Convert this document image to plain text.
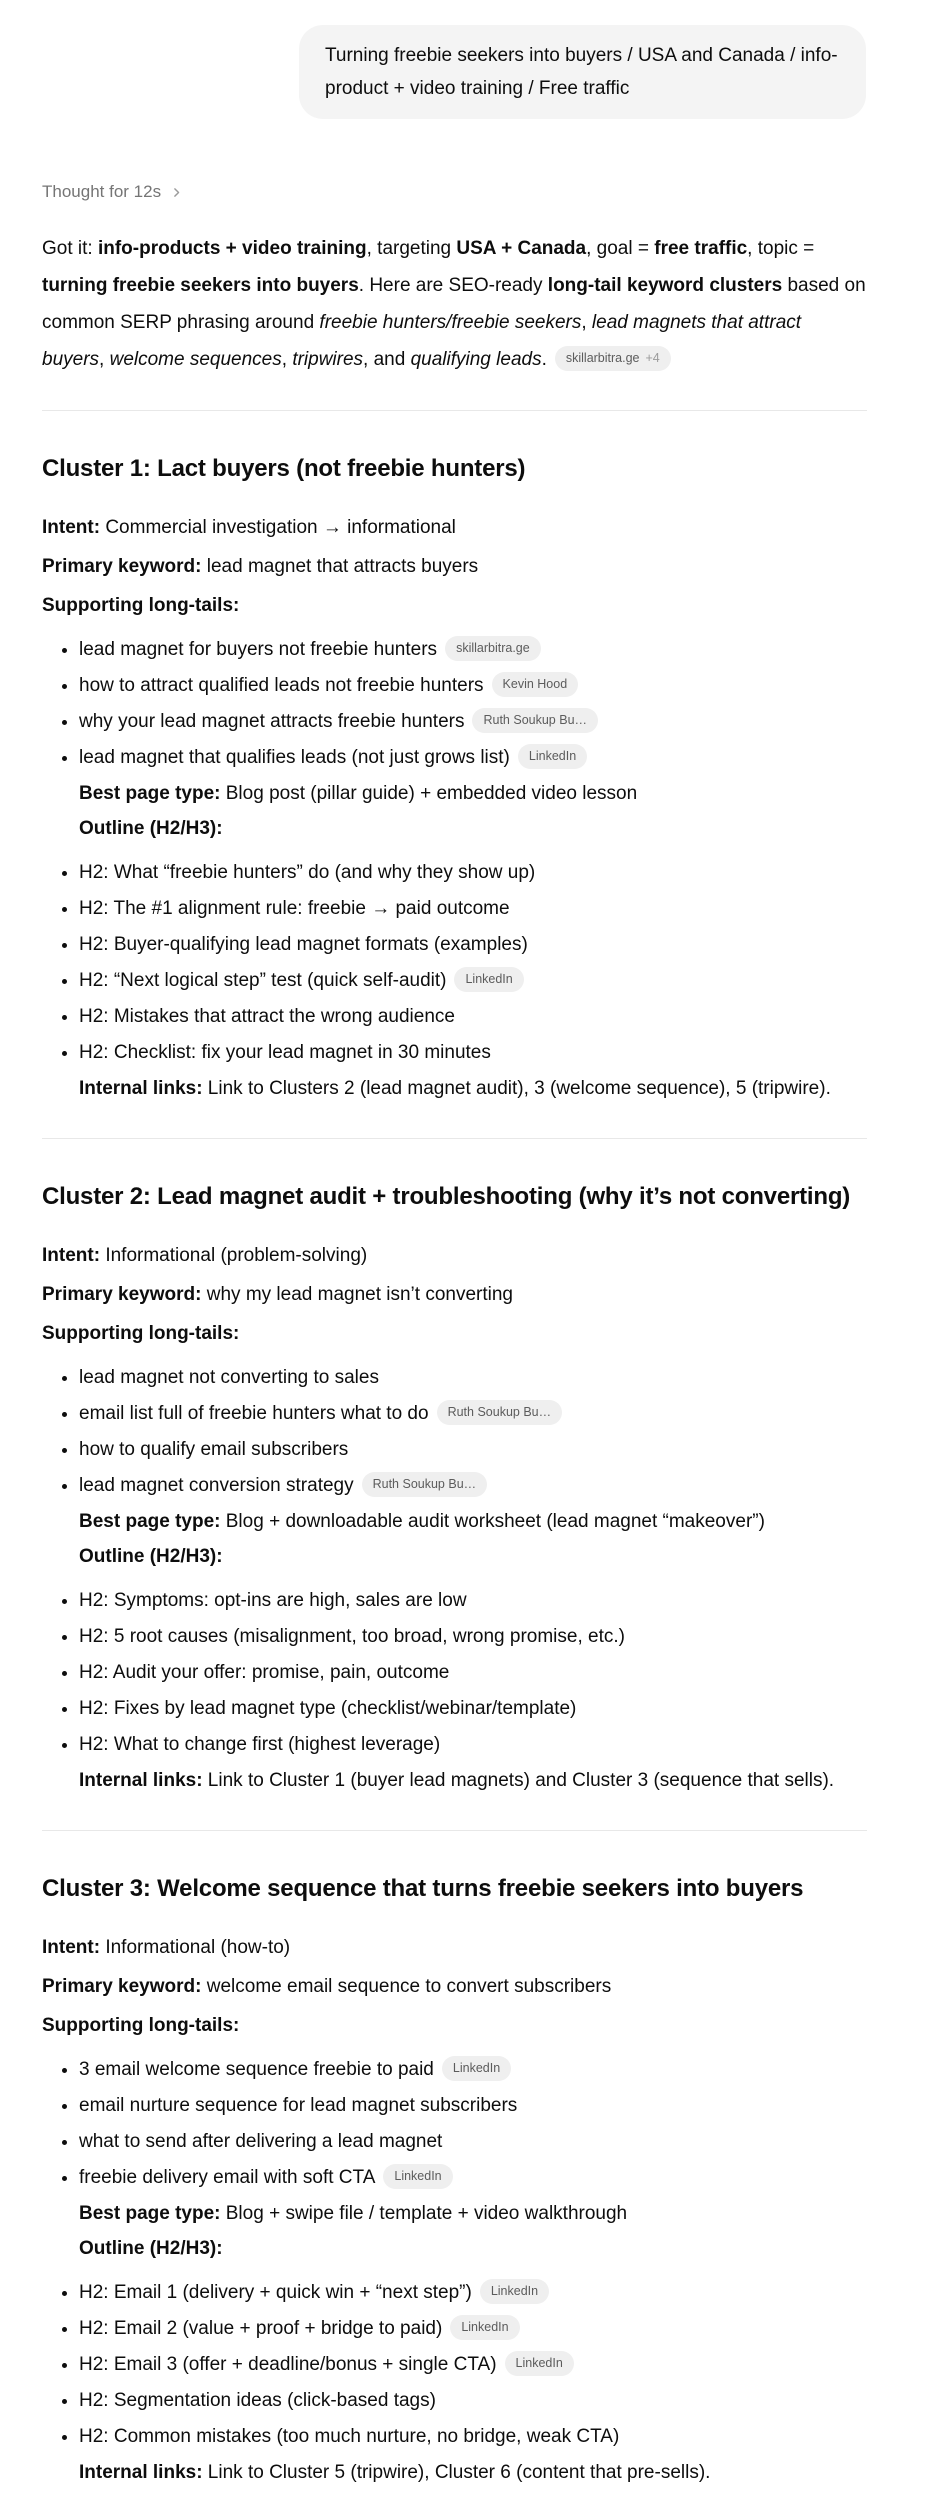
Turning freebie seekers into buyers / USA and Canada / info-product + video training / Free traffic
Thought for 12s

Got it: info-products + video training, targeting USA + Canada, goal = free traffic, topic = turning freebie seekers into buyers. Here are SEO-ready long-tail keyword clusters based on common SERP phrasing around freebie hunters/freebie seekers, lead magnets that attract buyers, welcome sequences, tripwires, and qualifying leads. skillarbitra.ge +4

Cluster 1: Lact buyers (not freebie hunters)

Intent: Commercial investigation → informational

Primary keyword: lead magnet that attracts buyers

Supporting long-tails:

• lead magnet for buyers not freebie hunters skillarbitra.ge
• how to attract qualified leads not freebie hunters Kevin Hood
• why your lead magnet attracts freebie hunters Ruth Soukup Bu…
• lead magnet that qualifies leads (not just grows list) LinkedIn

Best page type: Blog post (pillar guide) + embedded video lesson

Outline (H2/H3):

• H2: What “freebie hunters” do (and why they show up)
• H2: The #1 alignment rule: freebie → paid outcome
• H2: Buyer-qualifying lead magnet formats (examples)
• H2: “Next logical step” test (quick self-audit) LinkedIn
• H2: Mistakes that attract the wrong audience
• H2: Checklist: fix your lead magnet in 30 minutes

Internal links: Link to Clusters 2 (lead magnet audit), 3 (welcome sequence), 5 (tripwire).

Cluster 2: Lead magnet audit + troubleshooting (why it’s not converting)

Intent: Informational (problem-solving)

Primary keyword: why my lead magnet isn’t converting

Supporting long-tails:

• lead magnet not converting to sales
• email list full of freebie hunters what to do Ruth Soukup Bu…
• how to qualify email subscribers
• lead magnet conversion strategy Ruth Soukup Bu…

Best page type: Blog + downloadable audit worksheet (lead magnet “makeover”)

Outline (H2/H3):

• H2: Symptoms: opt-ins are high, sales are low
• H2: 5 root causes (misalignment, too broad, wrong promise, etc.)
• H2: Audit your offer: promise, pain, outcome
• H2: Fixes by lead magnet type (checklist/webinar/template)
• H2: What to change first (highest leverage)

Internal links: Link to Cluster 1 (buyer lead magnets) and Cluster 3 (sequence that sells).

Cluster 3: Welcome sequence that turns freebie seekers into buyers

Intent: Informational (how-to)

Primary keyword: welcome email sequence to convert subscribers

Supporting long-tails:

• 3 email welcome sequence freebie to paid LinkedIn
• email nurture sequence for lead magnet subscribers
• what to send after delivering a lead magnet
• freebie delivery email with soft CTA LinkedIn

Best page type: Blog + swipe file / template + video walkthrough

Outline (H2/H3):

• H2: Email 1 (delivery + quick win + “next step”) LinkedIn
• H2: Email 2 (value + proof + bridge to paid) LinkedIn
• H2: Email 3 (offer + deadline/bonus + single CTA) LinkedIn
• H2: Segmentation ideas (click-based tags)
• H2: Common mistakes (too much nurture, no bridge, weak CTA)

Internal links: Link to Cluster 5 (tripwire), Cluster 6 (content that pre-sells).
